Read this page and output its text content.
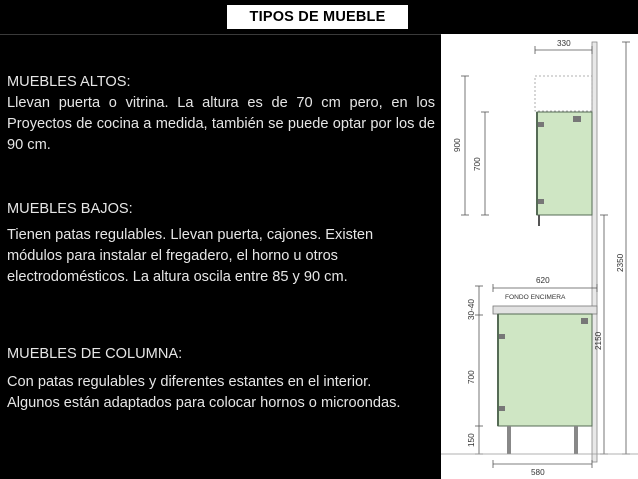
TIPOS DE MUEBLE
MUEBLES ALTOS:
Llevan puerta o vitrina. La altura es de 70 cm pero, en los Proyectos de cocina a medida, también se puede optar por los de 90 cm.
MUEBLES BAJOS:
Tienen patas regulables. Llevan puerta, cajones. Existen módulos para instalar el fregadero, el horno u otros electrodomésticos. La altura oscila entre 85 y 90 cm.
MUEBLES DE COLUMNA:
Con patas regulables y diferentes estantes en el interior. Algunos están adaptados para colocar hornos o microondas.
330
900
700
620
2150
2350
30-40
700
150
580
FONDO ENCIMERA
